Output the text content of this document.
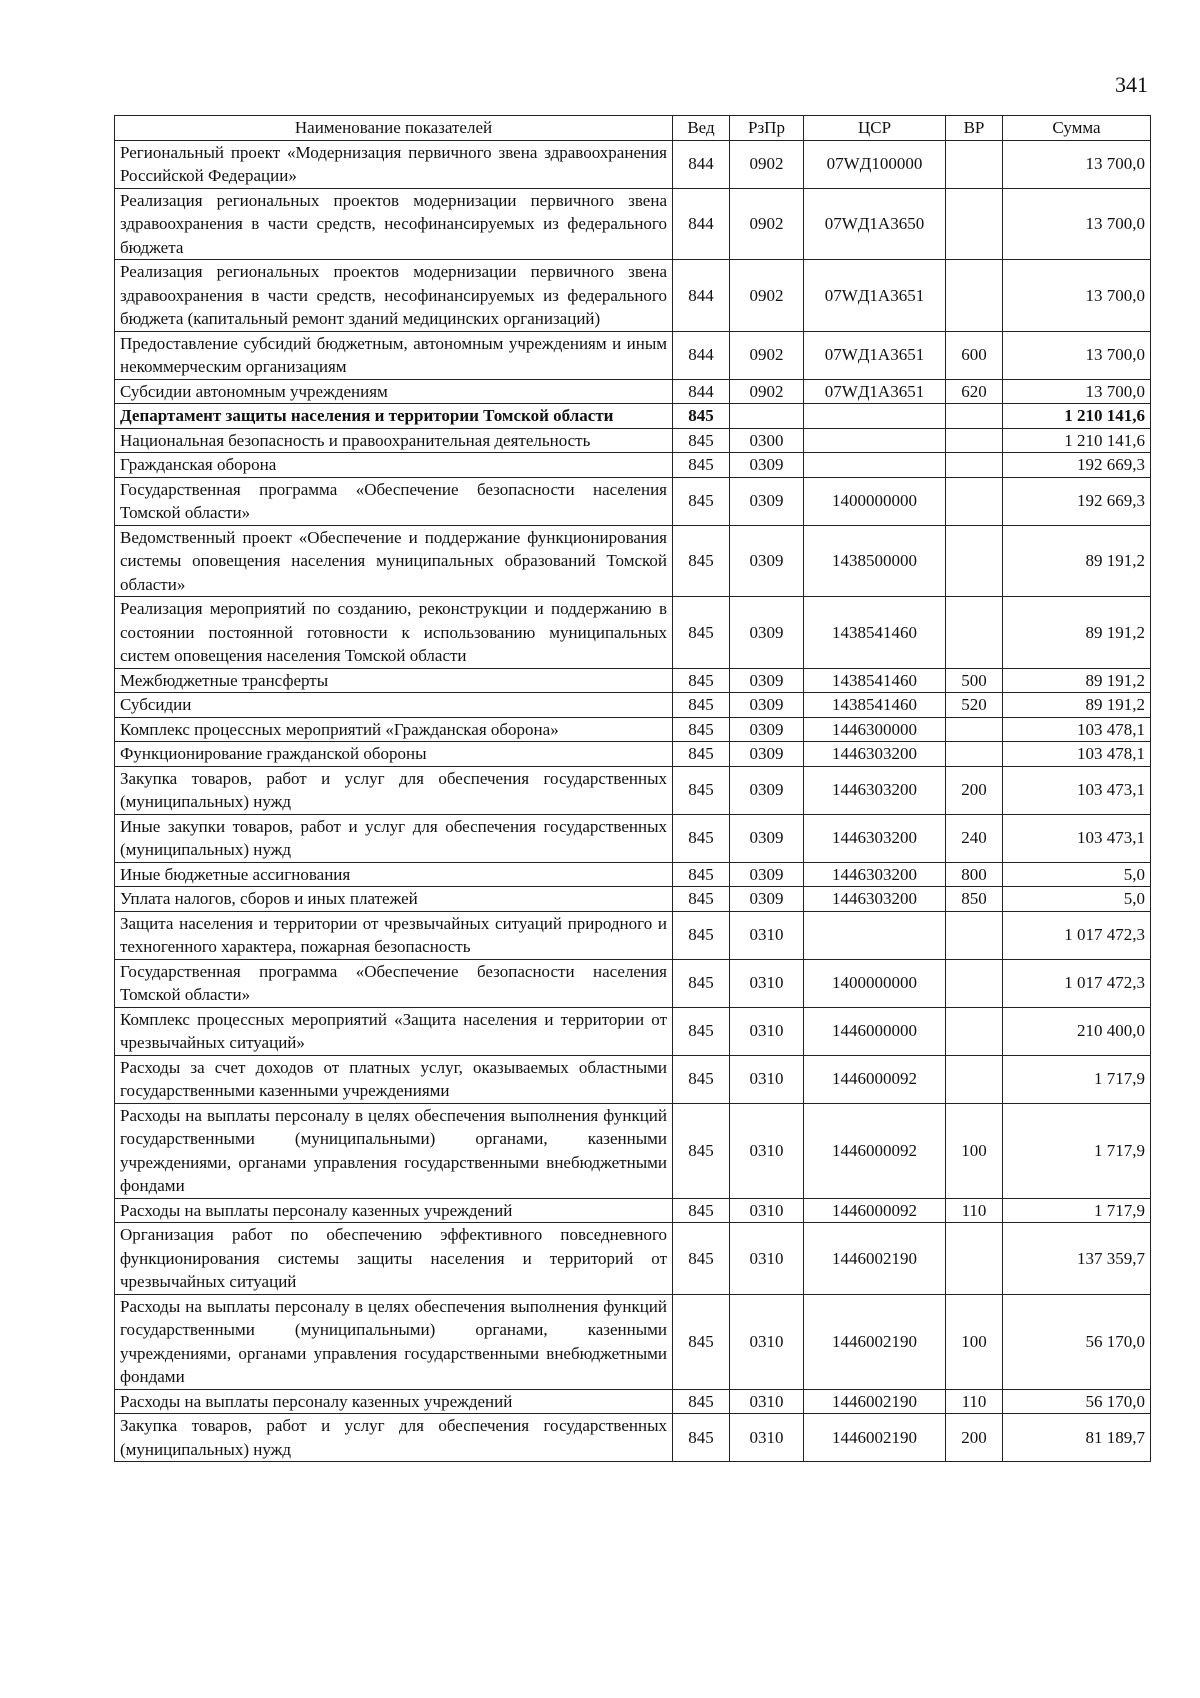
341
Наименование показателей	Вед	РзПр	ЦСР	ВР	Сумма
Региональный проект «Модернизация первичного звена здравоохранения Российской Федерации»	844	0902	07WД100000		13 700,0
Реализация региональных проектов модернизации первичного звена здравоохранения в части средств, несофинансируемых из федерального бюджета	844	0902	07WД1А3650		13 700,0
Реализация региональных проектов модернизации первичного звена здравоохранения в части средств, несофинансируемых из федерального бюджета (капитальный ремонт зданий медицинских организаций)	844	0902	07WД1А3651		13 700,0
Предоставление субсидий бюджетным, автономным учреждениям и иным некоммерческим организациям	844	0902	07WД1А3651	600	13 700,0
Субсидии автономным учреждениям	844	0902	07WД1А3651	620	13 700,0
Департамент защиты населения и территории Томской области	845				1 210 141,6
Национальная безопасность и правоохранительная деятельность	845	0300			1 210 141,6
Гражданская оборона	845	0309			192 669,3
Государственная программа «Обеспечение безопасности населения Томской области»	845	0309	1400000000		192 669,3
Ведомственный проект «Обеспечение и поддержание функционирования системы оповещения населения муниципальных образований Томской области»	845	0309	1438500000		89 191,2
Реализация мероприятий по созданию, реконструкции и поддержанию в состоянии постоянной готовности к использованию муниципальных систем оповещения населения Томской области	845	0309	1438541460		89 191,2
Межбюджетные трансферты	845	0309	1438541460	500	89 191,2
Субсидии	845	0309	1438541460	520	89 191,2
Комплекс процессных мероприятий «Гражданская оборона»	845	0309	1446300000		103 478,1
Функционирование гражданской обороны	845	0309	1446303200		103 478,1
Закупка товаров, работ и услуг для обеспечения государственных (муниципальных) нужд	845	0309	1446303200	200	103 473,1
Иные закупки товаров, работ и услуг для обеспечения государственных (муниципальных) нужд	845	0309	1446303200	240	103 473,1
Иные бюджетные ассигнования	845	0309	1446303200	800	5,0
Уплата налогов, сборов и иных платежей	845	0309	1446303200	850	5,0
Защита населения и территории от чрезвычайных ситуаций природного и техногенного характера, пожарная безопасность	845	0310			1 017 472,3
Государственная программа «Обеспечение безопасности населения Томской области»	845	0310	1400000000		1 017 472,3
Комплекс процессных мероприятий «Защита населения и территории от чрезвычайных ситуаций»	845	0310	1446000000		210 400,0
Расходы за счет доходов от платных услуг, оказываемых областными государственными казенными учреждениями	845	0310	1446000092		1 717,9
Расходы на выплаты персоналу в целях обеспечения выполнения функций государственными (муниципальными) органами, казенными учреждениями, органами управления государственными внебюджетными фондами	845	0310	1446000092	100	1 717,9
Расходы на выплаты персоналу казенных учреждений	845	0310	1446000092	110	1 717,9
Организация работ по обеспечению эффективного повседневного функционирования системы защиты населения и территорий от чрезвычайных ситуаций	845	0310	1446002190		137 359,7
Расходы на выплаты персоналу в целях обеспечения выполнения функций государственными (муниципальными) органами, казенными учреждениями, органами управления государственными внебюджетными фондами	845	0310	1446002190	100	56 170,0
Расходы на выплаты персоналу казенных учреждений	845	0310	1446002190	110	56 170,0
Закупка товаров, работ и услуг для обеспечения государственных (муниципальных) нужд	845	0310	1446002190	200	81 189,7
